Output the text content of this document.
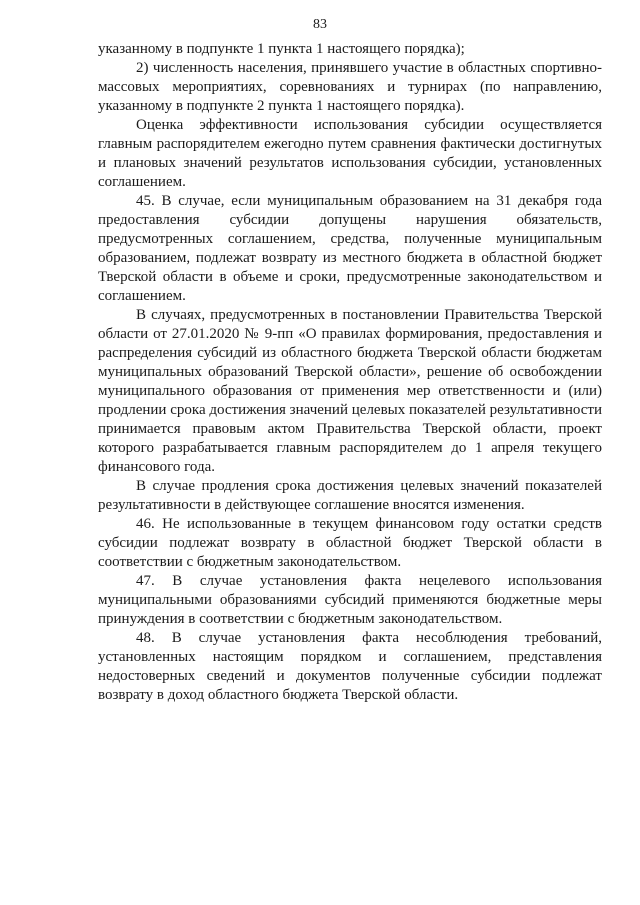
83

указанному в подпункте 1 пункта 1 настоящего порядка);

2) численность населения, принявшего участие в областных спортивно-массовых мероприятиях, соревнованиях и турнирах (по направлению, указанному в подпункте 2 пункта 1 настоящего порядка).

Оценка эффективности использования субсидии осуществляется главным распорядителем ежегодно путем сравнения фактически достигнутых и плановых значений результатов использования субсидии, установленных соглашением.

45. В случае, если муниципальным образованием на 31 декабря года предоставления субсидии допущены нарушения обязательств, предусмотренных соглашением, средства, полученные муниципальным образованием, подлежат возврату из местного бюджета в областной бюджет Тверской области в объеме и сроки, предусмотренные законодательством и соглашением.

В случаях, предусмотренных в постановлении Правительства Тверской области от 27.01.2020 № 9-пп «О правилах формирования, предоставления и распределения субсидий из областного бюджета Тверской области бюджетам муниципальных образований Тверской области», решение об освобождении муниципального образования от применения мер ответственности и (или) продлении срока достижения значений целевых показателей результативности принимается правовым актом Правительства Тверской области, проект которого разрабатывается главным распорядителем до 1 апреля текущего финансового года.

В случае продления срока достижения целевых значений показателей результативности в действующее соглашение вносятся изменения.

46. Не использованные в текущем финансовом году остатки средств субсидии подлежат возврату в областной бюджет Тверской области в соответствии с бюджетным законодательством.

47. В случае установления факта нецелевого использования муниципальными образованиями субсидий применяются бюджетные меры принуждения в соответствии с бюджетным законодательством.

48. В случае установления факта несоблюдения требований, установленных настоящим порядком и соглашением, представления недостоверных сведений и документов полученные субсидии подлежат возврату в доход областного бюджета Тверской области.
